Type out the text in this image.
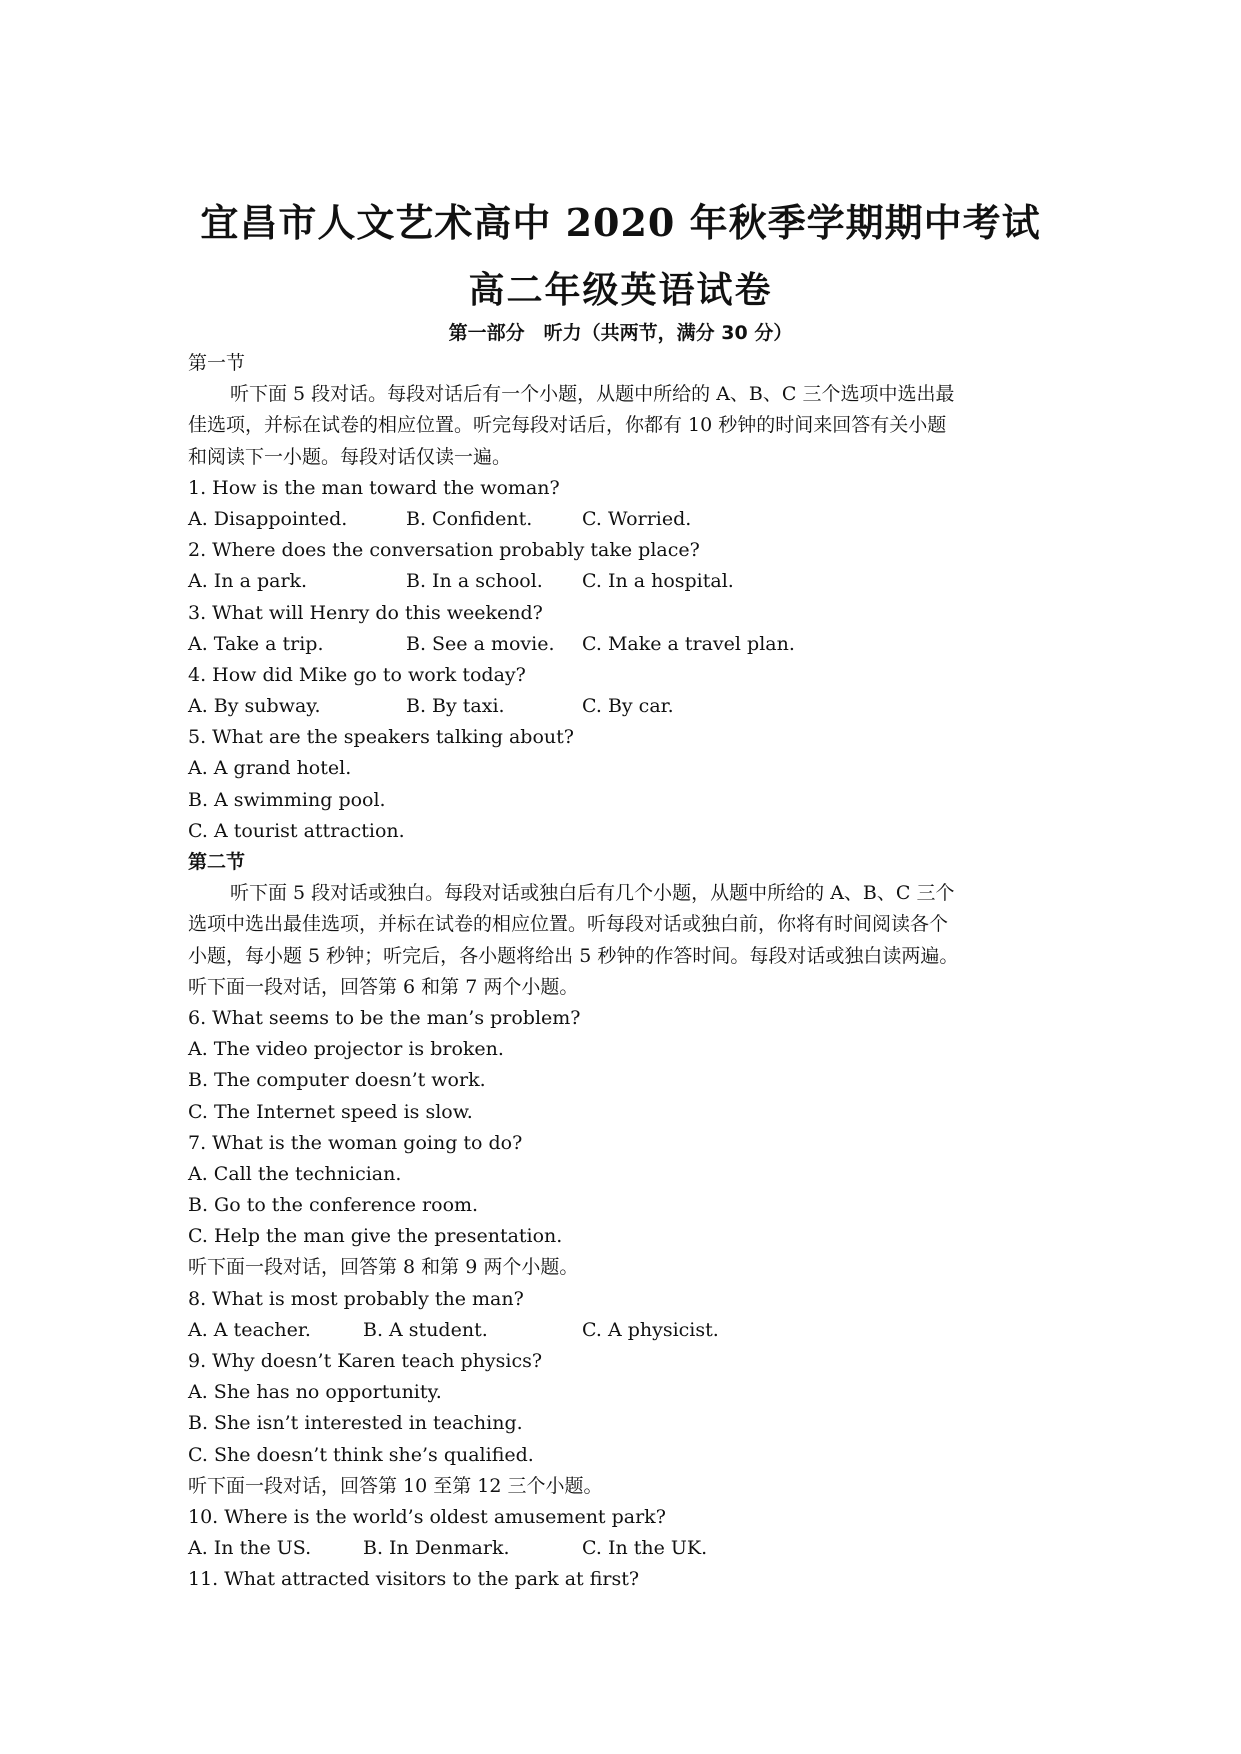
宜昌市人文艺术高中 2020 年秋季学期期中考试
高二年级英语试卷
第一部分　听力（共两节，满分 30 分）
第一节
听下面 5 段对话。每段对话后有一个小题，从题中所给的 A、B、C 三个选项中选出最
佳选项，并标在试卷的相应位置。听完每段对话后，你都有 10 秒钟的时间来回答有关小题
和阅读下一小题。每段对话仅读一遍。
1. How is the man toward the woman?
A. Disappointed.	B. Confident.	C. Worried.
2. Where does the conversation probably take place?
A. In a park.	B. In a school. C. In a hospital.
3. What will Henry do this weekend?
A. Take a trip.	B. See a movie. C. Make a travel plan.
4. How did Mike go to work today?
A. By subway.	B. By taxi.	C. By car.
5. What are the speakers talking about?
A. A grand hotel.
B. A swimming pool.
C. A tourist attraction.
第二节
听下面 5 段对话或独白。每段对话或独白后有几个小题，从题中所给的 A、B、C 三个
选项中选出最佳选项，并标在试卷的相应位置。听每段对话或独白前，你将有时间阅读各个
小题，每小题 5 秒钟；听完后，各小题将给出 5 秒钟的作答时间。每段对话或独白读两遍。
听下面一段对话，回答第 6 和第 7 两个小题。
6. What seems to be the man’s problem?
A. The video projector is broken.
B. The computer doesn’t work.
C. The Internet speed is slow.
7. What is the woman going to do?
A. Call the technician.
B. Go to the conference room.
C. Help the man give the presentation.
听下面一段对话，回答第 8 和第 9 两个小题。
8. What is most probably the man?
A. A teacher.	B. A student.	C. A physicist.
9. Why doesn’t Karen teach physics?
A. She has no opportunity.
B. She isn’t interested in teaching.
C. She doesn’t think she’s qualified.
听下面一段对话，回答第 10 至第 12 三个小题。
10. Where is the world’s oldest amusement park?
A. In the US.	B. In Denmark.	C. In the UK.
11. What attracted visitors to the park at first?
